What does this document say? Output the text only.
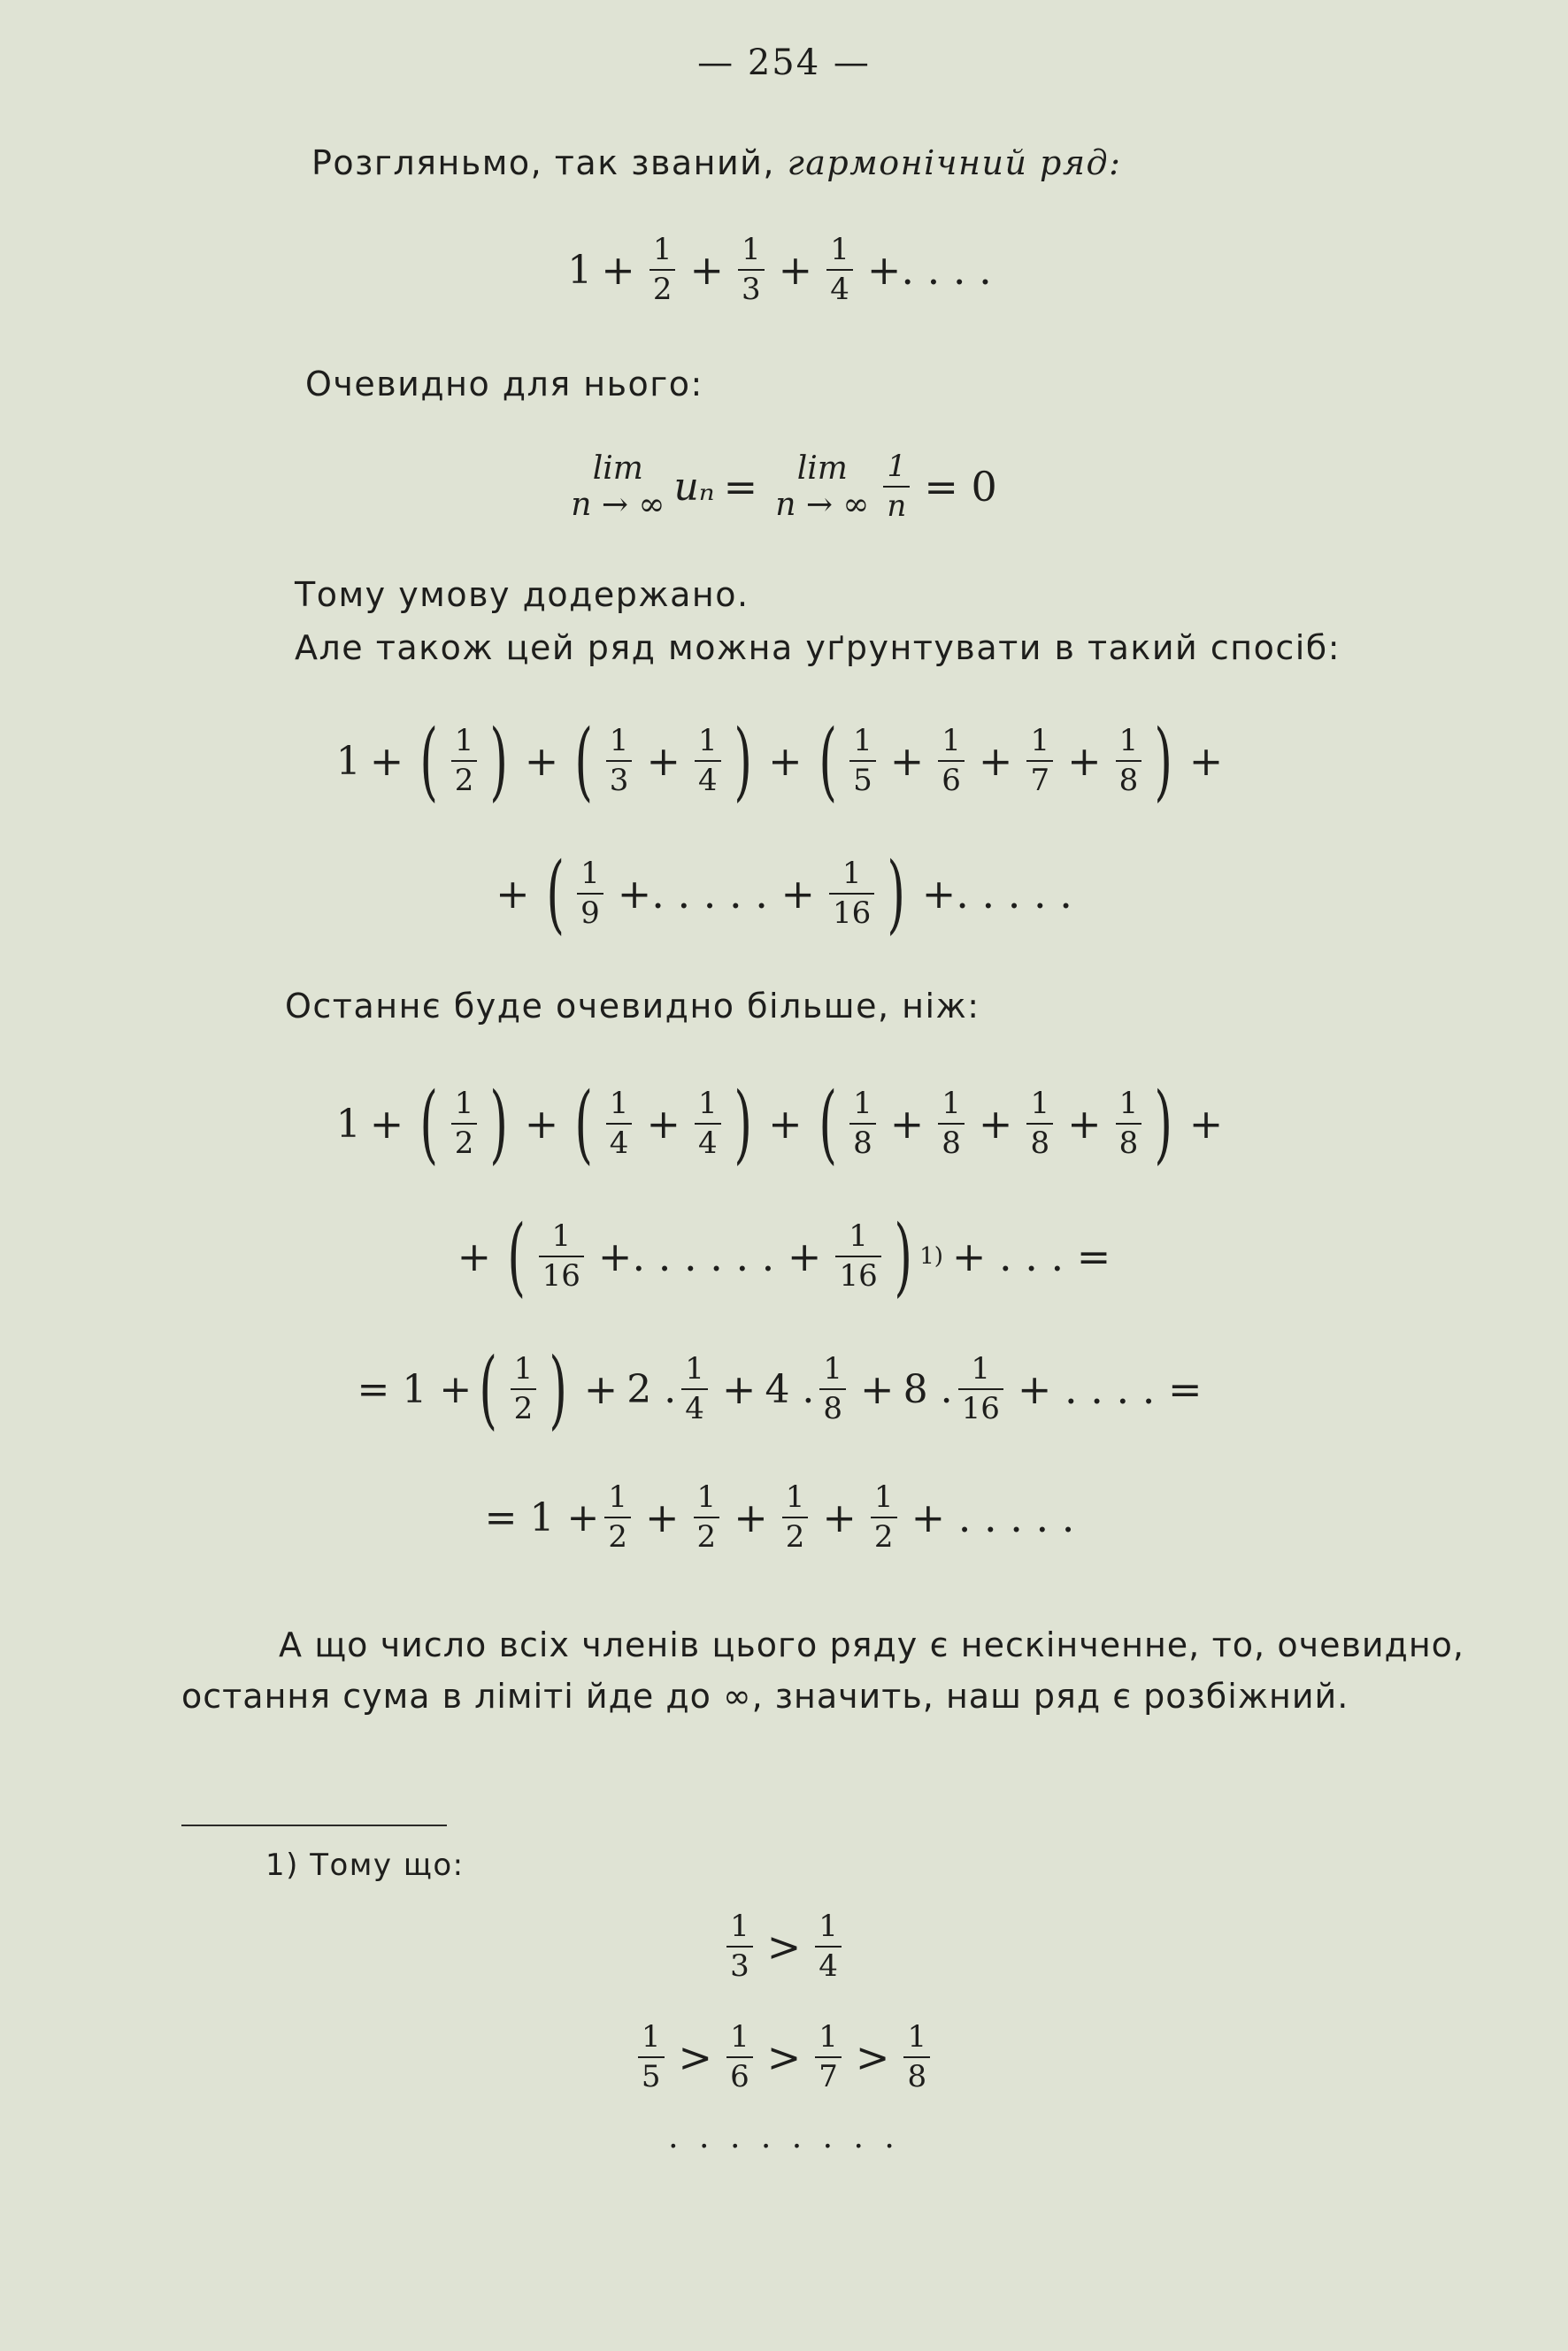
— 254 —
Розгляньмо, так званий, гармонічний ряд:
$1 + \frac{1}{2} + \frac{1}{3} + \frac{1}{4}$ +. . . .
Очевидно для нього:
lim
n → ∞ uₙ = lim
n → ∞ $\frac{1}{n} = 0$
Тому умову додержано.
Але також цей ряд можна уґрунтувати в такий спосіб:
1 + ( $\frac{1}{2}$ ) + ( $\frac{1}{3} + \frac{1}{4}$ ) + ( $\frac{1}{5} + \frac{1}{6} + \frac{1}{7} + \frac{1}{8}$ ) +
+ ( $\frac{1}{9}$ +. . . . . + $\frac{1}{16}$ ) +. . . . .
Останнє буде очевидно більше, ніж:
1 + ( $\frac{1}{2}$ ) + ( $\frac{1}{4} + \frac{1}{4}$ ) + ( $\frac{1}{8} + \frac{1}{8} + \frac{1}{8} + \frac{1}{8}$ ) +
+ ( $\frac{1}{16}$ +. . . . . . + $\frac{1}{16}$ ) 1) + . . . =
= 1 + ( $\frac{1}{2}$ ) + 2 . $\frac{1}{4} + 4$ . $\frac{1}{8} + 8$ . $\frac{1}{16}$ + . . . . =
= $1 + \frac{1}{2} + \frac{1}{2} + \frac{1}{2} + \frac{1}{2}$ + . . . . .
А що число всіх членів цього ряду є нескінченне, то, очевидно, остання сума в ліміті йде до ∞, значить, наш ряд є розбіжний.
1) Тому що:
$\frac{1}{3} > \frac{1}{4}$
$\frac{1}{5} > \frac{1}{6} > \frac{1}{7} > \frac{1}{8}$
. . . . . . . .
